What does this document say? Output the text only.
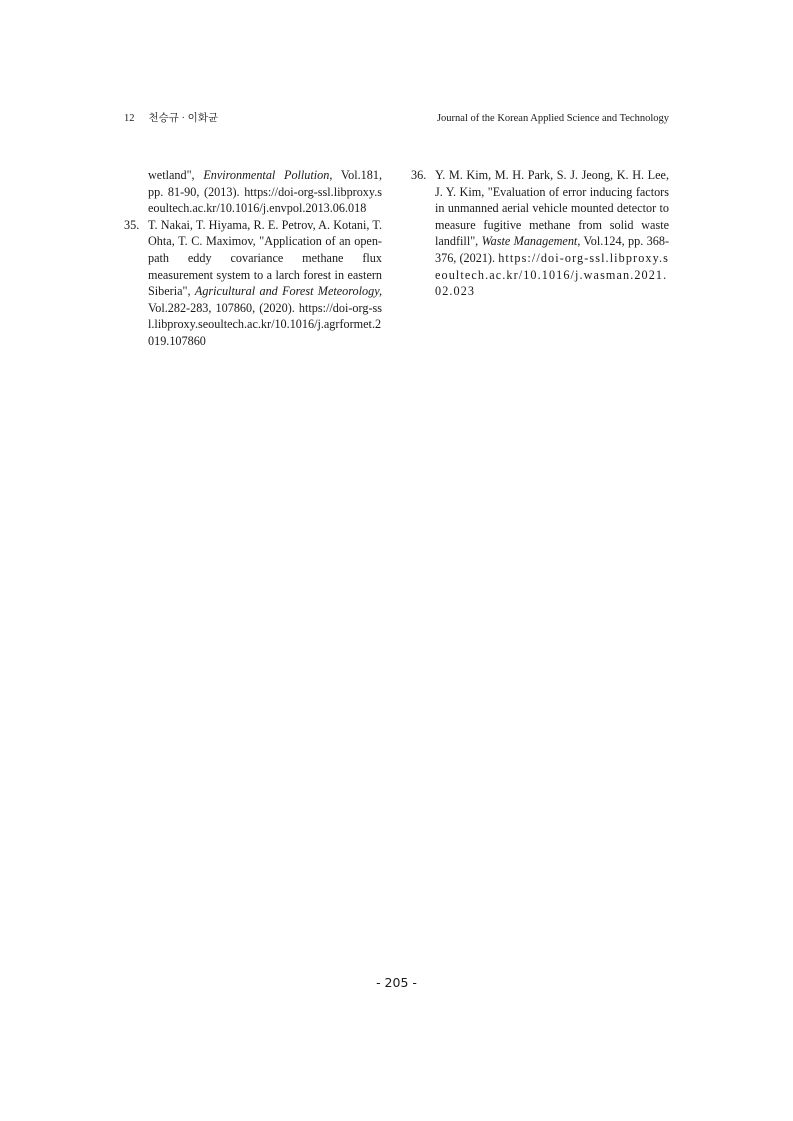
12 천승규 · 이화균	Journal of the Korean Applied Science and Technology
wetland", Environmental Pollution, Vol.181, pp. 81-90, (2013). https://doi-org-ssl.libproxy.seoultech.ac.kr/10.1016/j.envpol.2013.06.018
35. T. Nakai, T. Hiyama, R. E. Petrov, A. Kotani, T. Ohta, T. C. Maximov, "Application of an open-path eddy covariance methane flux measurement system to a larch forest in eastern Siberia", Agricultural and Forest Meteorology, Vol.282-283, 107860, (2020). https://doi-org-ssl.libproxy.seoultech.ac.kr/10.1016/j.agrformet.2019.107860
36. Y. M. Kim, M. H. Park, S. J. Jeong, K. H. Lee, J. Y. Kim, "Evaluation of error inducing factors in unmanned aerial vehicle mounted detector to measure fugitive methane from solid waste landfill", Waste Management, Vol.124, pp. 368-376, (2021). https://doi-org-ssl.libproxy.seoultech.ac.kr/10.1016/j.wasman.2021.02.023
- 205 -
